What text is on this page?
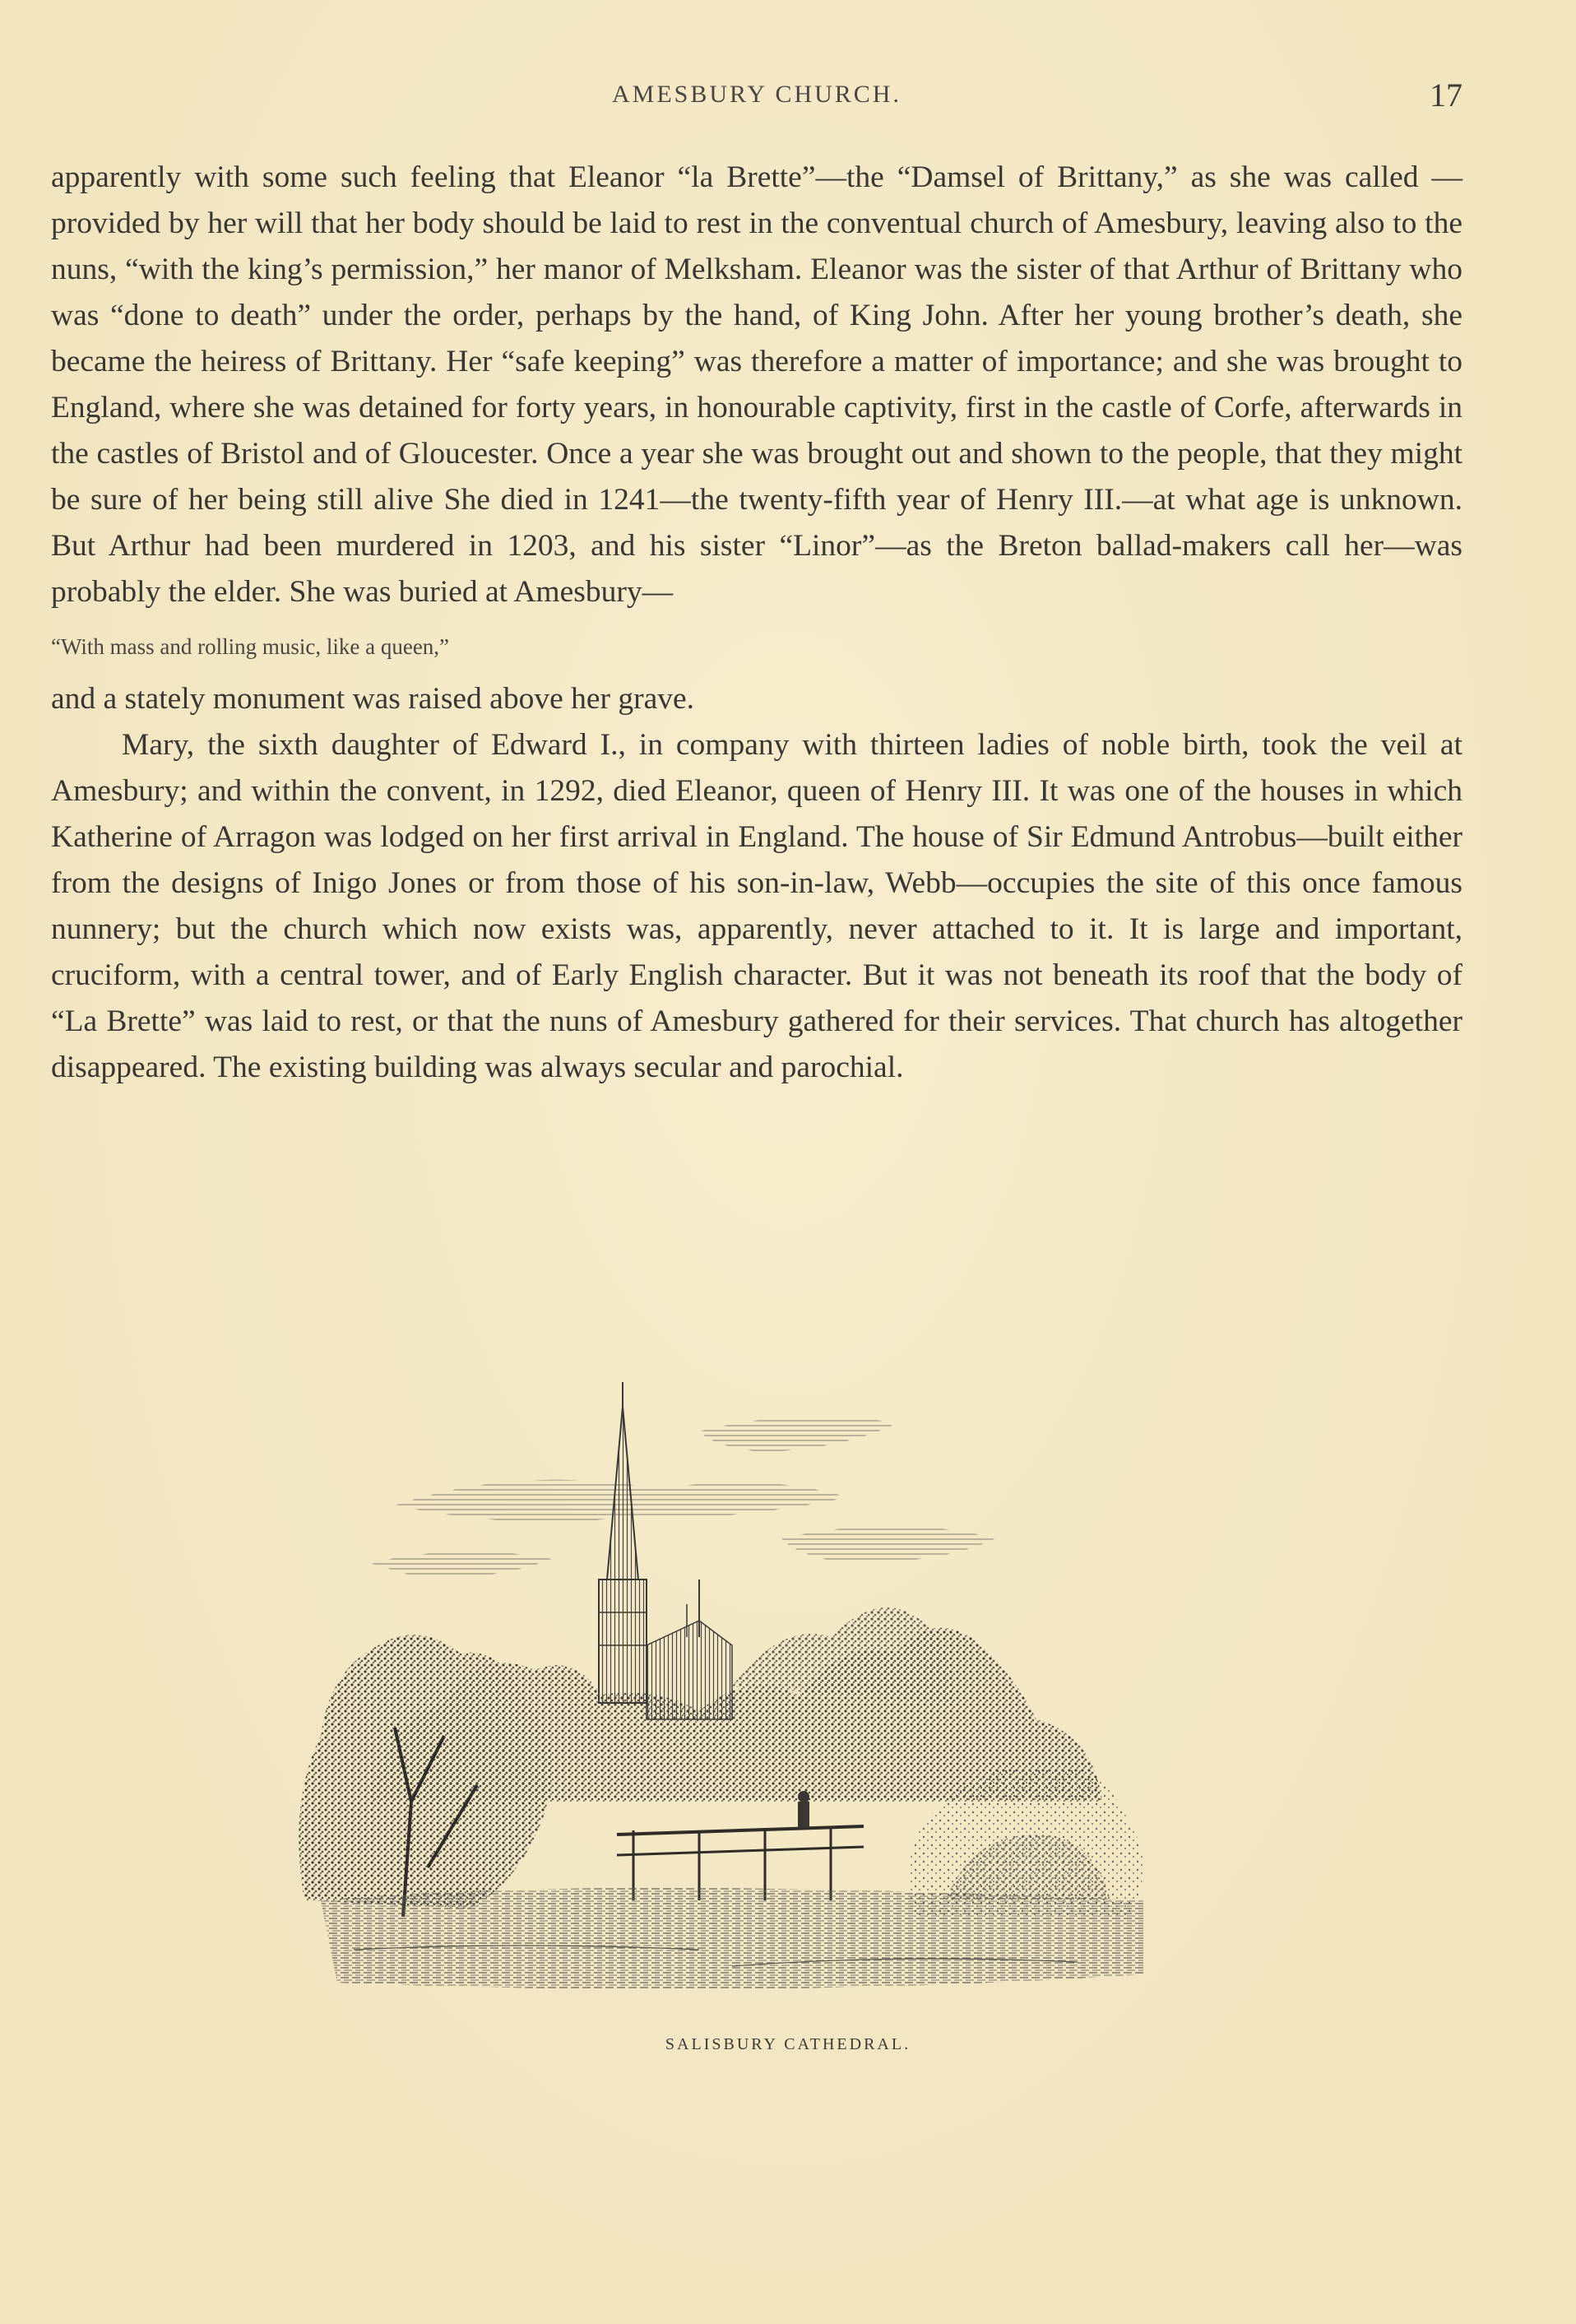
AMESBURY CHURCH.	17

apparently with some such feeling that Eleanor “la Brette”—the “Damsel of Brittany,” as she was called — provided by her will that her body should be laid to rest in the conventual church of Amesbury, leaving also to the nuns, “with the king’s permission,” her manor of Melksham. Eleanor was the sister of that Arthur of Brittany who was “done to death” under the order, perhaps by the hand, of King John. After her young brother’s death, she became the heiress of Brittany. Her “safe keeping” was therefore a matter of importance; and she was brought to England, where she was detained for forty years, in honourable captivity, first in the castle of Corfe, afterwards in the castles of Bristol and of Gloucester. Once a year she was brought out and shown to the people, that they might be sure of her being still alive She died in 1241—the twenty-fifth year of Henry III.—at what age is unknown. But Arthur had been murdered in 1203, and his sister “Linor”—as the Breton ballad-makers call her—was probably the elder. She was buried at Amesbury—

“With mass and rolling music, like a queen,”

and a stately monument was raised above her grave.

Mary, the sixth daughter of Edward I., in company with thirteen ladies of noble birth, took the veil at Amesbury; and within the convent, in 1292, died Eleanor, queen of Henry III. It was one of the houses in which Katherine of Arragon was lodged on her first arrival in England. The house of Sir Edmund Antrobus—built either from the designs of Inigo Jones or from those of his son-in-law, Webb—occupies the site of this once famous nunnery; but the church which now exists was, apparently, never attached to it. It is large and important, cruciform, with a central tower, and of Early English character. But it was not beneath its roof that the body of “La Brette” was laid to rest, or that the nuns of Amesbury gathered for their services. That church has altogether disappeared. The existing building was always secular and parochial.

SALISBURY CATHEDRAL.
